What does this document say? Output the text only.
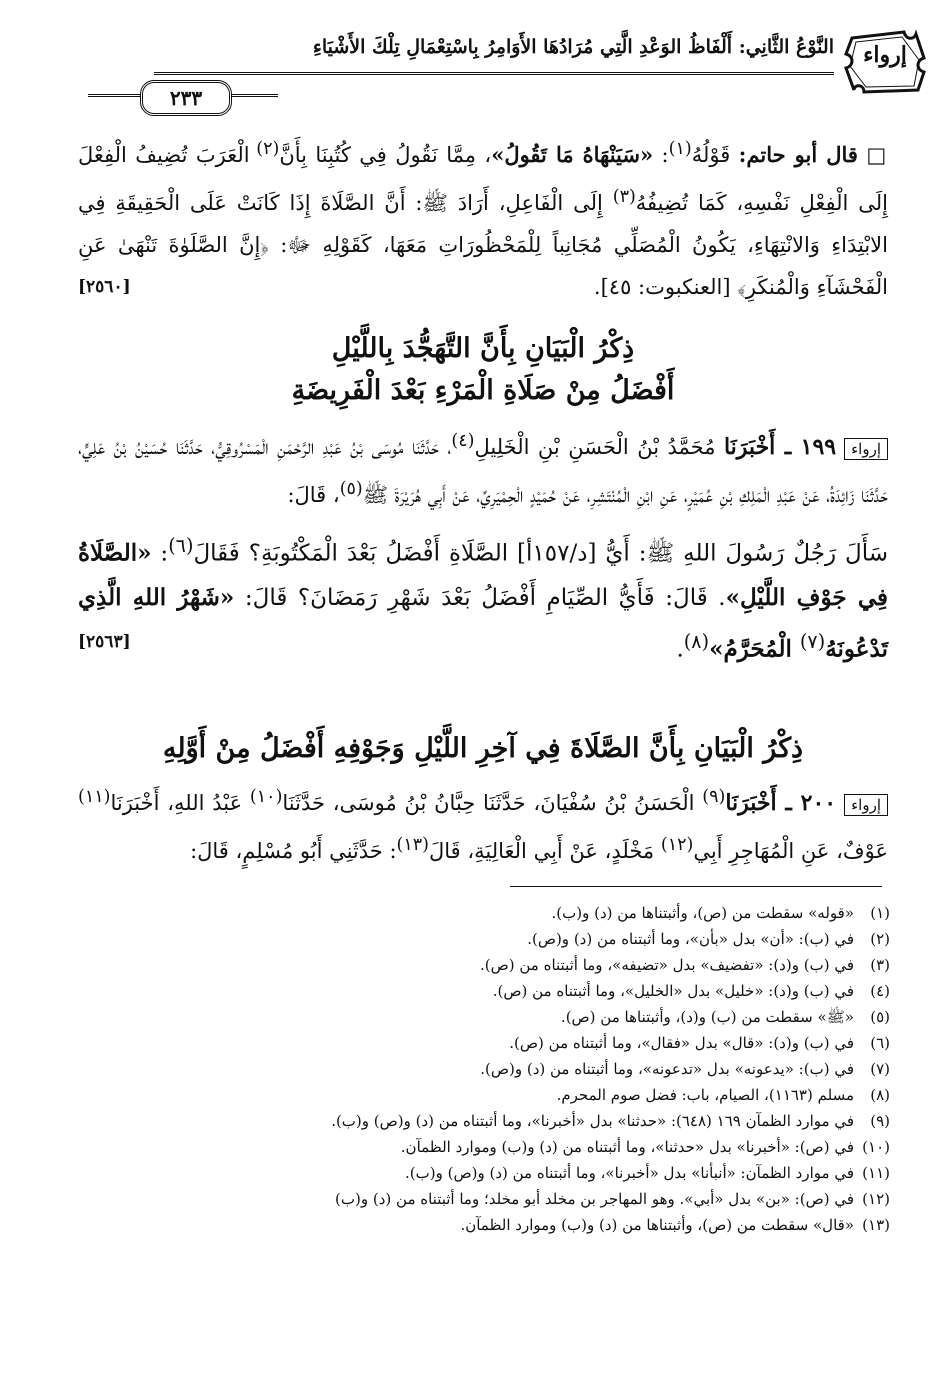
إرواء
النَّوْعُ الثَّانِي: أَلْفَاظُ الوَعْدِ الَّتِي مُرَادُهَا الأَوَامِرُ بِاسْتِعْمَالِ تِلْكَ الأَشْيَاءِ
٢٣٣

□ قال أبو حاتم: قَوْلُهُ$^{(١)}$: «سَيَنْهَاهُ مَا تَقُولُ»، مِمَّا نَقُولُ فِي كُتُبِنَا بِأَنَّ$^{(٢)}$ الْعَرَبَ تُضِيفُ الْفِعْلَ إِلَى الْفِعْلِ نَفْسِهِ، كَمَا تُضِيفُهُ$^{(٣)}$ إِلَى الْفَاعِلِ، أَرَادَ ﷺ: أَنَّ الصَّلَاةَ إِذَا كَانَتْ عَلَى الْحَقِيقَةِ فِي الابْتِدَاءِ وَالانْتِهَاءِ، يَكُونُ الْمُصَلِّي مُجَانِباً لِلْمَحْظُورَاتِ مَعَهَا، كَقَوْلِهِ ﷻ: ﴿إِنَّ الصَّلَوٰةَ تَنْهَىٰ عَنِ الْفَحْشَآءِ وَالْمُنكَرِ﴾ [العنكبوت: ٤٥].
[٢٥٦٠]

ذِكْرُ الْبَيَانِ بِأَنَّ التَّهَجُّدَ بِاللَّيْلِ
أَفْضَلُ مِنْ صَلَاةِ الْمَرْءِ بَعْدَ الْفَرِيضَةِ

إرواء١٩٩ ـ أَخْبَرَنَا مُحَمَّدُ بْنُ الْحَسَنِ بْنِ الْخَلِيلِ$^{(٤)}$، حَدَّثَنَا مُوسَى بْنُ عَبْدِ الرَّحْمَنِ الْمَسْرُوقِيُّ، حَدَّثَنَا حُسَيْنُ بْنُ عَلِيٍّ، حَدَّثَنَا زَائِدَةُ، عَنْ عَبْدِ الْمَلِكِ بْنِ عُمَيْرٍ، عَنِ ابْنِ الْمُنْتَشِرِ، عَنْ حُمَيْدٍ الْحِمْيَرِيِّ، عَنْ أَبِي هُرَيْرَةَ ﷺ$^{(٥)}$، قَالَ:

سَأَلَ رَجُلٌ رَسُولَ اللهِ ﷺ: أَيُّ [د/١٥٧أ] الصَّلَاةِ أَفْضَلُ بَعْدَ الْمَكْتُوبَةِ؟ فَقَالَ$^{(٦)}$: «الصَّلَاةُ فِي جَوْفِ اللَّيْلِ». قَالَ: فَأَيُّ الصِّيَامِ أَفْضَلُ بَعْدَ شَهْرِ رَمَضَانَ؟ قَالَ: «شَهْرُ اللهِ الَّذِي تَدْعُونَهُ$^{(٧)}$ الْمُحَرَّمُ»$^{(٨)}$.
[٢٥٦٣]

ذِكْرُ الْبَيَانِ بِأَنَّ الصَّلَاةَ فِي آخِرِ اللَّيْلِ وَجَوْفِهِ أَفْضَلُ مِنْ أَوَّلِهِ

إرواء٢٠٠ ـ أَخْبَرَنَا$^{(٩)}$ الْحَسَنُ بْنُ سُفْيَانَ، حَدَّثَنَا حِبَّانُ بْنُ مُوسَى، حَدَّثَنَا$^{(١٠)}$ عَبْدُ اللهِ، أَخْبَرَنَا$^{(١١)}$ عَوْفٌ، عَنِ الْمُهَاجِرِ أَبِي$^{(١٢)}$ مَخْلَدٍ، عَنْ أَبِي الْعَالِيَةِ، قَالَ$^{(١٣)}$: حَدَّثَنِي أَبُو مُسْلِمٍ، قَالَ:

(١)«قوله» سقطت من (ص)، وأثبتناها من (د) و(ب).

(٢)في (ب): «أن» بدل «بأن»، وما أثبتناه من (د) و(ص).

(٣)في (ب) و(د): «تفضيف» بدل «تضيفه»، وما أثبتناه من (ص).

(٤)في (ب) و(د): «خليل» بدل «الخليل»، وما أثبتناه من (ص).

(٥)«ﷺ» سقطت من (ب) و(د)، وأثبتناها من (ص).

(٦)في (ب) و(د): «قال» بدل «فقال»، وما أثبتناه من (ص).

(٧)في (ب): «يدعونه» بدل «تدعونه»، وما أثبتناه من (د) و(ص).

(٨)مسلم (١١٦٣)، الصيام، باب: فضل صوم المحرم.

(٩)في موارد الظمآن ١٦٩ (٦٤٨): «حدثنا» بدل «أخبرنا»، وما أثبتناه من (د) و(ص) و(ب).

(١٠)في (ص): «أخبرنا» بدل «حدثنا»، وما أثبتناه من (د) و(ب) وموارد الظمآن.

(١١)في موارد الظمآن: «أنبأنا» بدل «أخبرنا»، وما أثبتناه من (د) و(ص) و(ب).

(١٢)في (ص): «بن» بدل «أبي». وهو المهاجر بن مخلد أبو مخلد؛ وما أثبتناه من (د) و(ب)

(١٣)«قال» سقطت من (ص)، وأثبتناها من (د) و(ب) وموارد الظمآن.
